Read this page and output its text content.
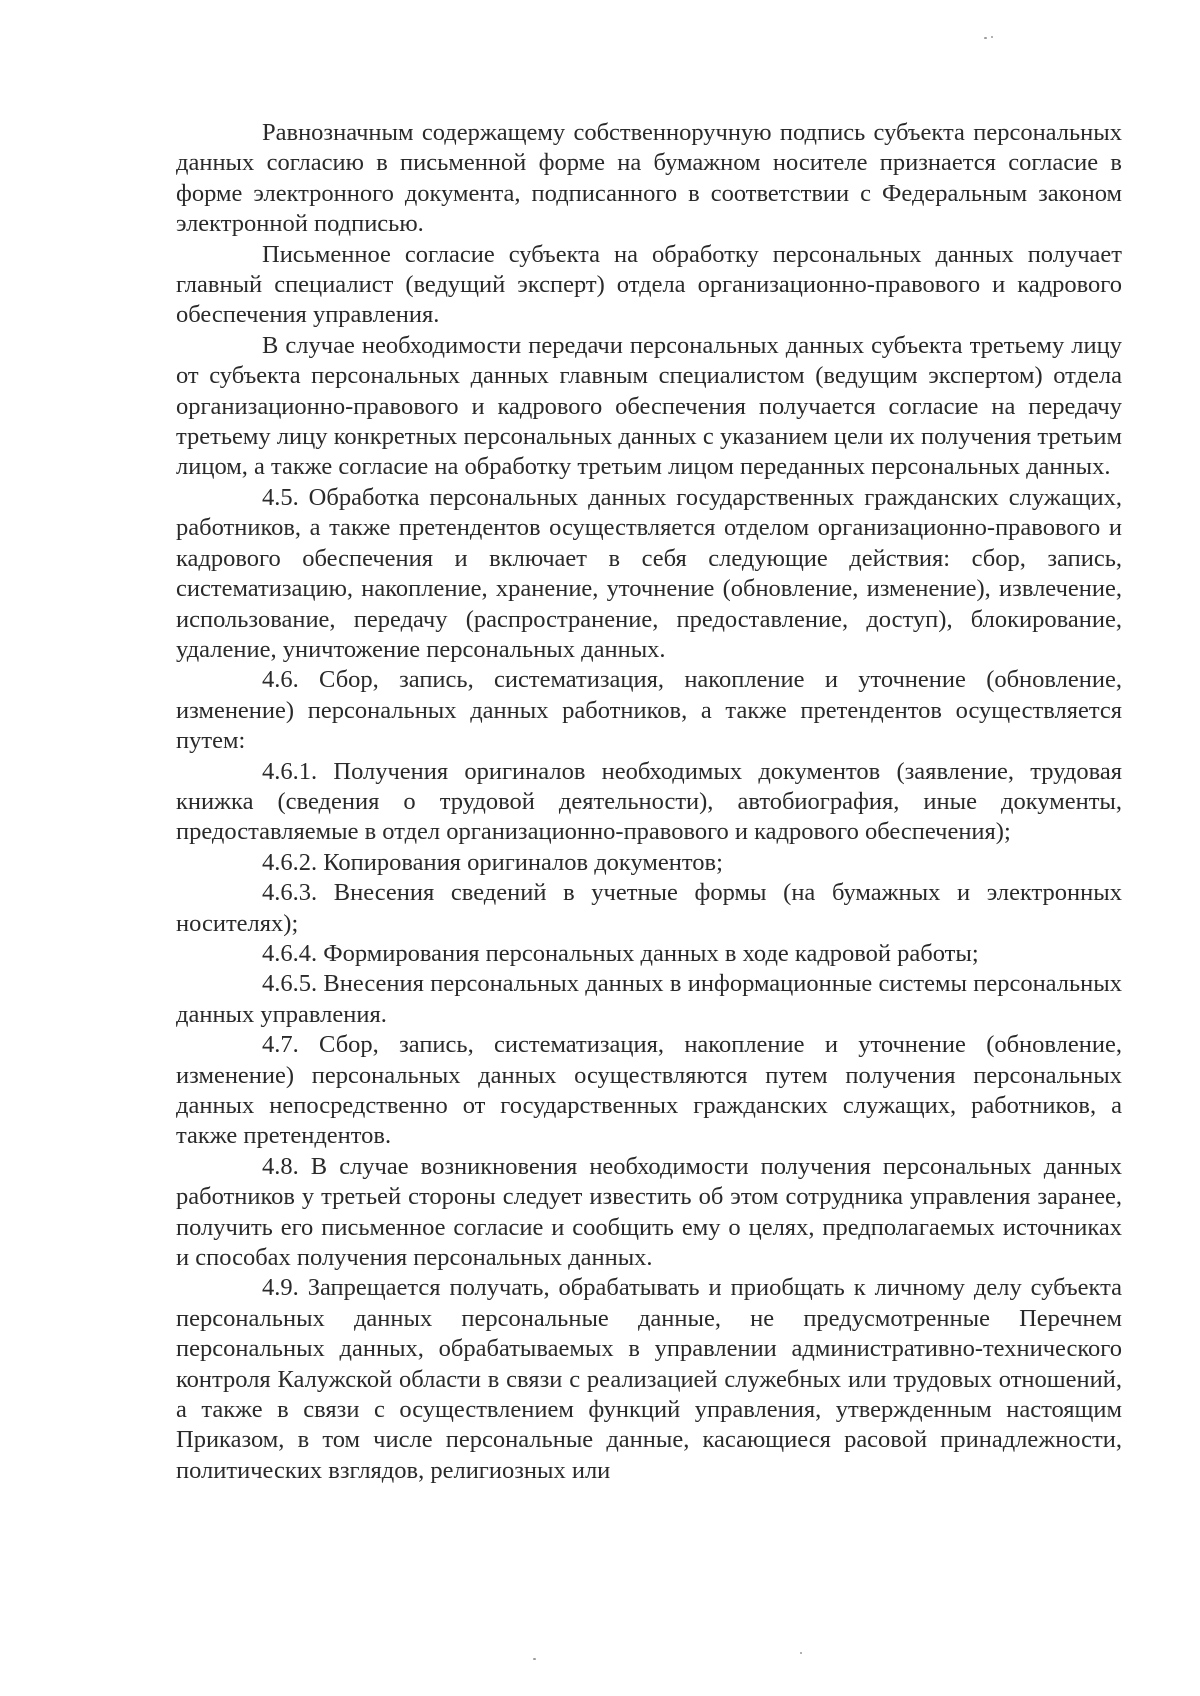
Равнозначным содержащему собственноручную подпись субъекта персональных данных согласию в письменной форме на бумажном носителе признается согласие в форме электронного документа, подписанного в соответствии с Федеральным законом электронной подписью.

Письменное согласие субъекта на обработку персональных данных получает главный специалист (ведущий эксперт) отдела организационно-правового и кадрового обеспечения управления.

В случае необходимости передачи персональных данных субъекта третьему лицу от субъекта персональных данных главным специалистом (ведущим экспертом) отдела организационно-правового и кадрового обеспечения получается согласие на передачу третьему лицу конкретных персональных данных с указанием цели их получения третьим лицом, а также согласие на обработку третьим лицом переданных персональных данных.

4.5. Обработка персональных данных государственных гражданских служащих, работников, а также претендентов осуществляется отделом организационно-правового и кадрового обеспечения и включает в себя следующие действия: сбор, запись, систематизацию, накопление, хранение, уточнение (обновление, изменение), извлечение, использование, передачу (распространение, предоставление, доступ), блокирование, удаление, уничтожение персональных данных.

4.6. Сбор, запись, систематизация, накопление и уточнение (обновление, изменение) персональных данных работников, а также претендентов осуществляется путем:

4.6.1. Получения оригиналов необходимых документов (заявление, трудовая книжка (сведения о трудовой деятельности), автобиография, иные документы, предоставляемые в отдел организационно-правового и кадрового обеспечения);

4.6.2. Копирования оригиналов документов;

4.6.3. Внесения сведений в учетные формы (на бумажных и электронных носителях);

4.6.4. Формирования персональных данных в ходе кадровой работы;

4.6.5. Внесения персональных данных в информационные системы персональных данных управления.

4.7. Сбор, запись, систематизация, накопление и уточнение (обновление, изменение) персональных данных осуществляются путем получения персональных данных непосредственно от государственных гражданских служащих, работников, а также претендентов.

4.8. В случае возникновения необходимости получения персональных данных работников у третьей стороны следует известить об этом сотрудника управления заранее, получить его письменное согласие и сообщить ему о целях, предполагаемых источниках и способах получения персональных данных.

4.9. Запрещается получать, обрабатывать и приобщать к личному делу субъекта персональных данных персональные данные, не предусмотренные Перечнем персональных данных, обрабатываемых в управлении административно-технического контроля Калужской области в связи с реализацией служебных или трудовых отношений, а также в связи с осуществлением функций управления, утвержденным настоящим Приказом, в том числе персональные данные, касающиеся расовой принадлежности, политических взглядов, религиозных или
